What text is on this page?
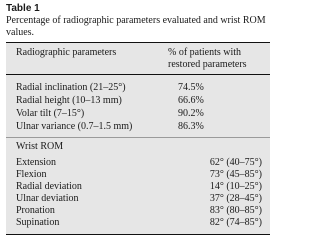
Table 1
Percentage of radiographic parameters evaluated and wrist ROM values.
Radiographic parameters	% of patients with restored parameters
Radial inclination (21–25°)	74.5%
Radial height (10–13 mm)	66.6%
Volar tilt (7–15°)	90.2%
Ulnar variance (0.7–1.5 mm)	86.3%
Wrist ROM
Extension	62° (40–75°)
Flexion	73° (45–85°)
Radial deviation	14° (10–25°)
Ulnar deviation	37° (28–45°)
Pronation	83° (80–85°)
Supination	82° (74–85°)
